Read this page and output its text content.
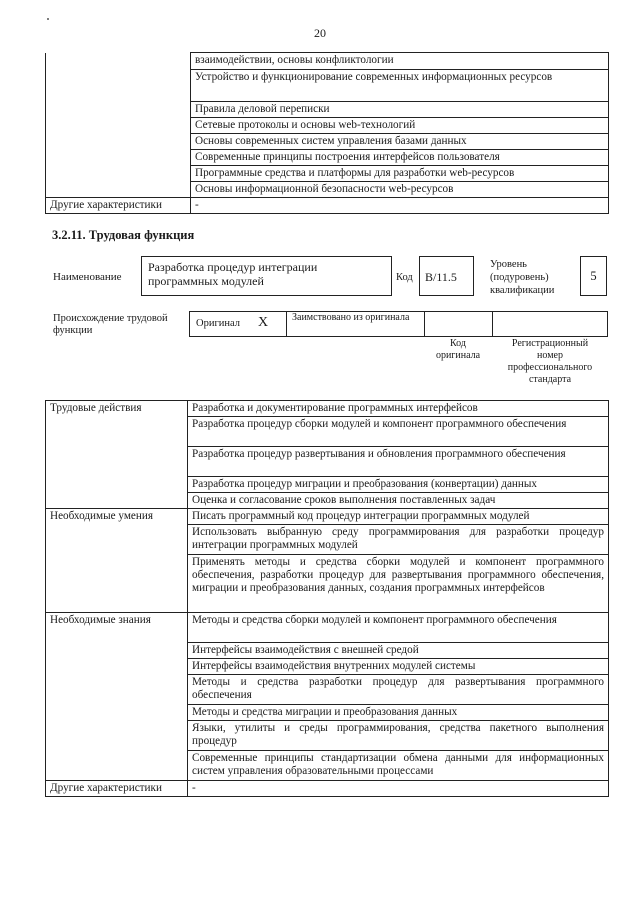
20
	взаимодействии, основы конфликтологии
	Устройство и функционирование современных информационных ресурсов
	Правила деловой переписки
	Сетевые протоколы и основы web-технологий
	Основы современных систем управления базами данных
	Современные принципы построения интерфейсов пользователя
	Программные средства и платформы для разработки web-ресурсов
	Основы информационной безопасности web-ресурсов
Другие характеристики	-
3.2.11. Трудовая функция
Наименование
Разработка процедур интеграции программных модулей	Код	B/11.5
Уровень (подуровень) квалификации
5
Происхождение трудовой функции
Оригинал X Заимствовано из оригинала
Код оригинала
Регистрационный номер профессионального стандарта
Трудовые действия	Разработка и документирование программных интерфейсов
	Разработка процедур сборки модулей и компонент программного обеспечения
	Разработка процедур развертывания и обновления программного обеспечения
	Разработка процедур миграции и преобразования (конвертации) данных
	Оценка и согласование сроков выполнения поставленных задач
Необходимые умения	Писать программный код процедур интеграции программных модулей
	Использовать выбранную среду программирования для разработки процедур интеграции программных модулей
	Применять методы и средства сборки модулей и компонент программного обеспечения, разработки процедур для развертывания программного обеспечения, миграции и преобразования данных, создания программных интерфейсов
Необходимые знания	Методы и средства сборки модулей и компонент программного обеспечения
	Интерфейсы взаимодействия с внешней средой
	Интерфейсы взаимодействия внутренних модулей системы
	Методы и средства разработки процедур для развертывания программного обеспечения
	Методы и средства миграции и преобразования данных
	Языки, утилиты и среды программирования, средства пакетного выполнения процедур
	Современные принципы стандартизации обмена данными для информационных систем управления образовательными процессами
Другие характеристики	-
